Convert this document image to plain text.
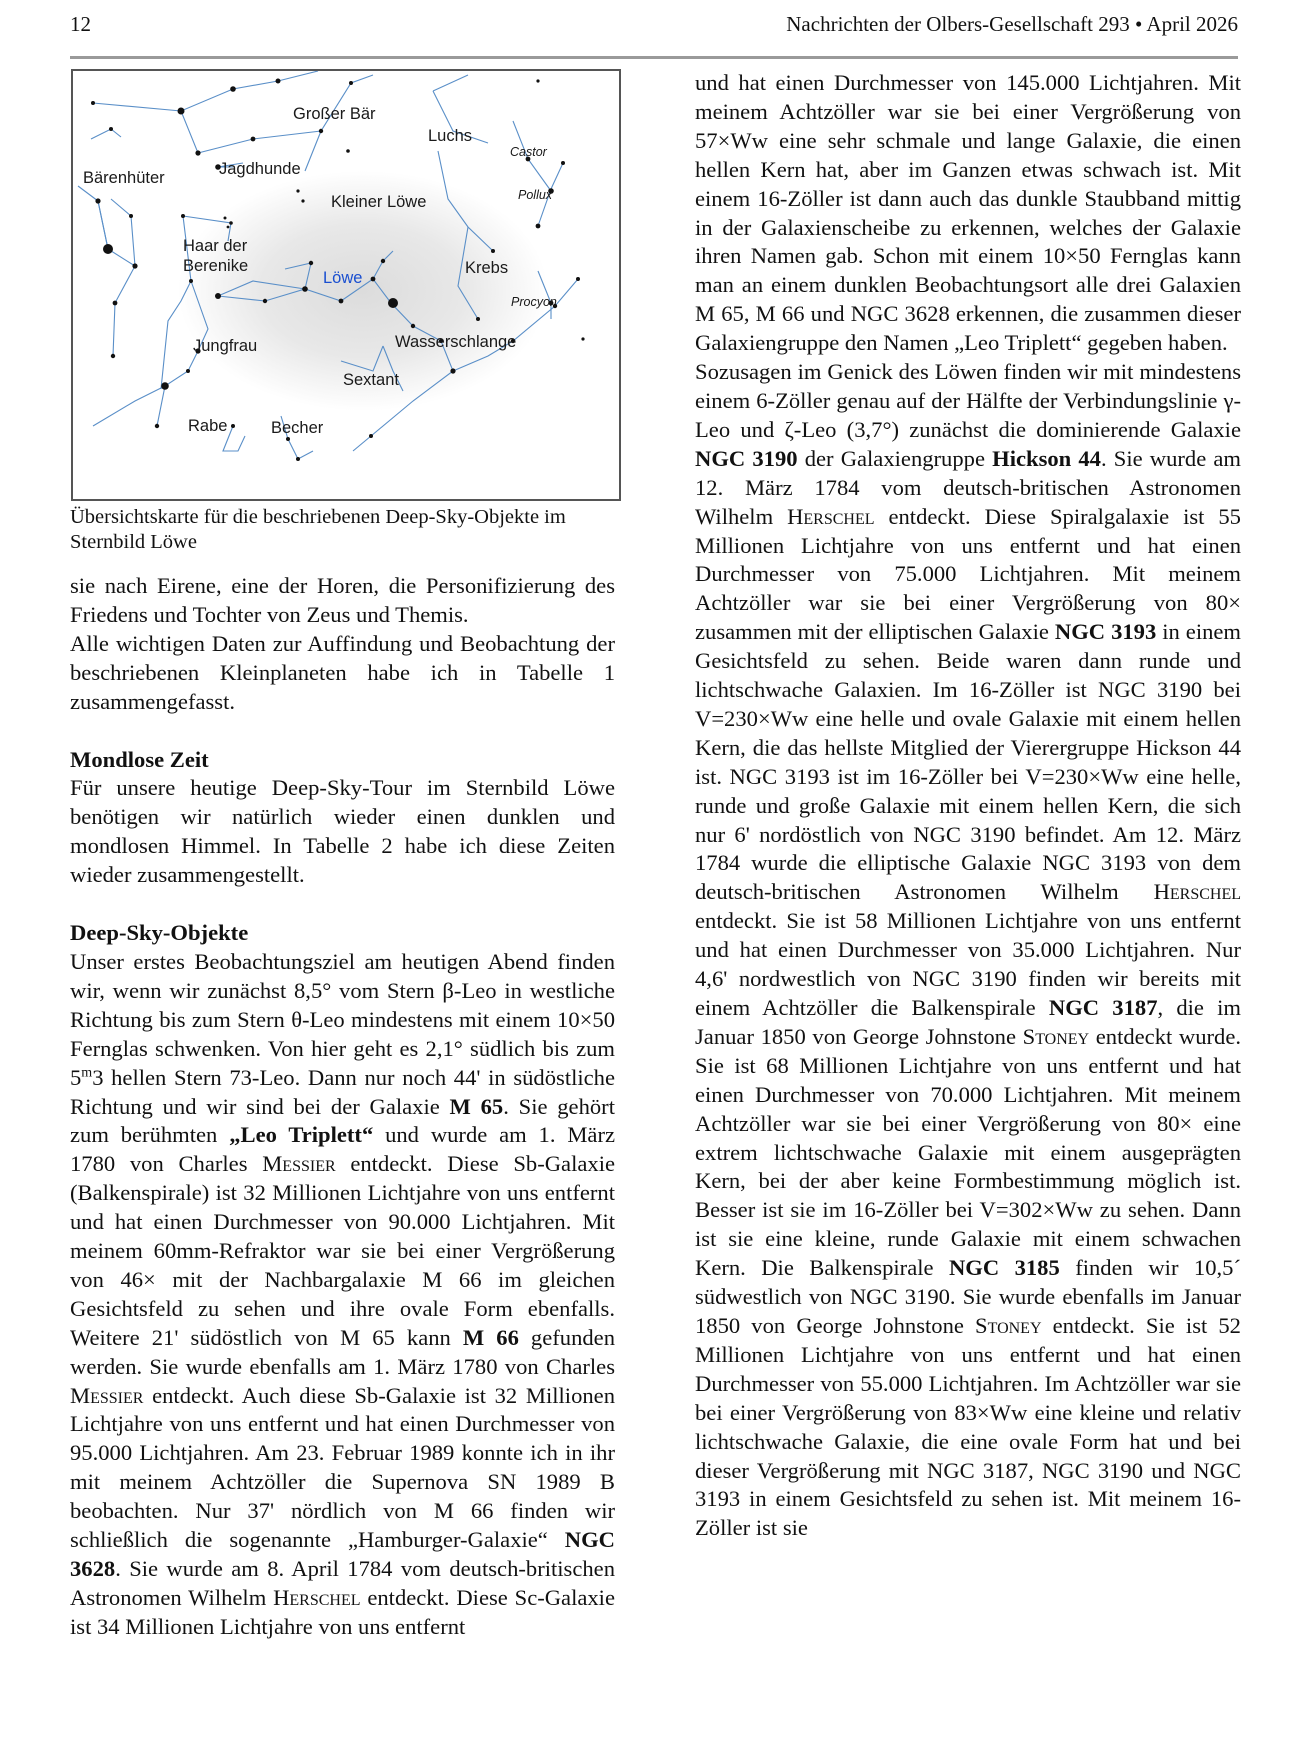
12	Nachrichten der Olbers-Gesellschaft 293 • April 2026
Großer Bär
Luchs
Castor
Bärenhüter	Jagdhunde
Pollux
Kleiner Löwe
Haar der
Berenike
Löwe
Krebs
Procyon
Jungfrau	Wasserschlange
Sextant
Rabe	Becher
Übersichtskarte für die beschriebenen Deep-Sky-Objekte im Sternbild Löwe

sie nach Eirene, eine der Horen, die Personifizierung des Friedens und Tochter von Zeus und Themis.

Alle wichtigen Daten zur Auffindung und Beobachtung der beschriebenen Kleinplaneten habe ich in Tabelle 1 zusammengefasst.

Mondlose Zeit

Für unsere heutige Deep-Sky-Tour im Sternbild Löwe benötigen wir natürlich wieder einen dunklen und mondlosen Himmel. In Tabelle 2 habe ich diese Zeiten wieder zusammengestellt.

Deep-Sky-Objekte

Unser erstes Beobachtungsziel am heutigen Abend finden wir, wenn wir zunächst 8,5° vom Stern β-Leo in westliche Richtung bis zum Stern θ-Leo mindestens mit einem 10×50 Fernglas schwenken. Von hier geht es 2,1° südlich bis zum 5$^m$3 hellen Stern 73-Leo. Dann nur noch 44' in südöstliche Richtung und wir sind bei der Galaxie M 65. Sie gehört zum berühmten „Leo Triplett“ und wurde am 1. März 1780 von Charles Messier entdeckt. Diese Sb-Galaxie (Balkenspirale) ist 32 Millionen Lichtjahre von uns entfernt und hat einen Durchmesser von 90.000 Lichtjahren. Mit meinem 60mm-Refraktor war sie bei einer Vergrößerung von 46× mit der Nachbargalaxie M 66 im gleichen Gesichtsfeld zu sehen und ihre ovale Form ebenfalls. Weitere 21' südöstlich von M 65 kann M 66 gefunden werden. Sie wurde ebenfalls am 1. März 1780 von Charles Messier entdeckt. Auch diese Sb-Galaxie ist 32 Millionen Lichtjahre von uns entfernt und hat einen Durchmesser von 95.000 Lichtjahren. Am 23. Februar 1989 konnte ich in ihr mit meinem Achtzöller die Supernova SN 1989 B beobachten. Nur 37' nördlich von M 66 finden wir schließlich die sogenannte „Hamburger-Galaxie“ NGC 3628. Sie wurde am 8. April 1784 vom deutsch-britischen Astronomen Wilhelm Herschel entdeckt. Diese Sc-Galaxie ist 34 Millionen Lichtjahre von uns entfernt

und hat einen Durchmesser von 145.000 Lichtjahren. Mit meinem Achtzöller war sie bei einer Vergrößerung von 57×Ww eine sehr schmale und lange Galaxie, die einen hellen Kern hat, aber im Ganzen etwas schwach ist. Mit einem 16-Zöller ist dann auch das dunkle Staubband mittig in der Galaxienscheibe zu erkennen, welches der Galaxie ihren Namen gab. Schon mit einem 10×50 Fernglas kann man an einem dunklen Beobachtungsort alle drei Galaxien M 65, M 66 und NGC 3628 erkennen, die zusammen dieser Galaxiengruppe den Namen „Leo Triplett“ gegeben haben.

Sozusagen im Genick des Löwen finden wir mit mindestens einem 6-Zöller genau auf der Hälfte der Verbindungslinie γ-Leo und ζ-Leo (3,7°) zunächst die dominierende Galaxie NGC 3190 der Galaxiengruppe Hickson 44. Sie wurde am 12. März 1784 vom deutsch-britischen Astronomen Wilhelm Herschel entdeckt. Diese Spiralgalaxie ist 55 Millionen Lichtjahre von uns entfernt und hat einen Durchmesser von 75.000 Lichtjahren. Mit meinem Achtzöller war sie bei einer Vergrößerung von 80× zusammen mit der elliptischen Galaxie NGC 3193 in einem Gesichtsfeld zu sehen. Beide waren dann runde und lichtschwache Galaxien. Im 16-Zöller ist NGC 3190 bei V=230×Ww eine helle und ovale Galaxie mit einem hellen Kern, die das hellste Mitglied der Vierergruppe Hickson 44 ist. NGC 3193 ist im 16-Zöller bei V=230×Ww eine helle, runde und große Galaxie mit einem hellen Kern, die sich nur 6' nordöstlich von NGC 3190 befindet. Am 12. März 1784 wurde die elliptische Galaxie NGC 3193 von dem deutsch-britischen Astronomen Wilhelm Herschel entdeckt. Sie ist 58 Millionen Lichtjahre von uns entfernt und hat einen Durchmesser von 35.000 Lichtjahren. Nur 4,6' nordwestlich von NGC 3190 finden wir bereits mit einem Achtzöller die Balkenspirale NGC 3187, die im Januar 1850 von George Johnstone Stoney entdeckt wurde. Sie ist 68 Millionen Lichtjahre von uns entfernt und hat einen Durchmesser von 70.000 Lichtjahren. Mit meinem Achtzöller war sie bei einer Vergrößerung von 80× eine extrem lichtschwache Galaxie mit einem ausgeprägten Kern, bei der aber keine Formbestimmung möglich ist. Besser ist sie im 16-Zöller bei V=302×Ww zu sehen. Dann ist sie eine kleine, runde Galaxie mit einem schwachen Kern. Die Balkenspirale NGC 3185 finden wir 10,5´ südwestlich von NGC 3190. Sie wurde ebenfalls im Januar 1850 von George Johnstone Stoney entdeckt. Sie ist 52 Millionen Lichtjahre von uns entfernt und hat einen Durchmesser von 55.000 Lichtjahren. Im Achtzöller war sie bei einer Vergrößerung von 83×Ww eine kleine und relativ lichtschwache Galaxie, die eine ovale Form hat und bei dieser Vergrößerung mit NGC 3187, NGC 3190 und NGC 3193 in einem Gesichtsfeld zu sehen ist. Mit meinem 16-Zöller ist sie
